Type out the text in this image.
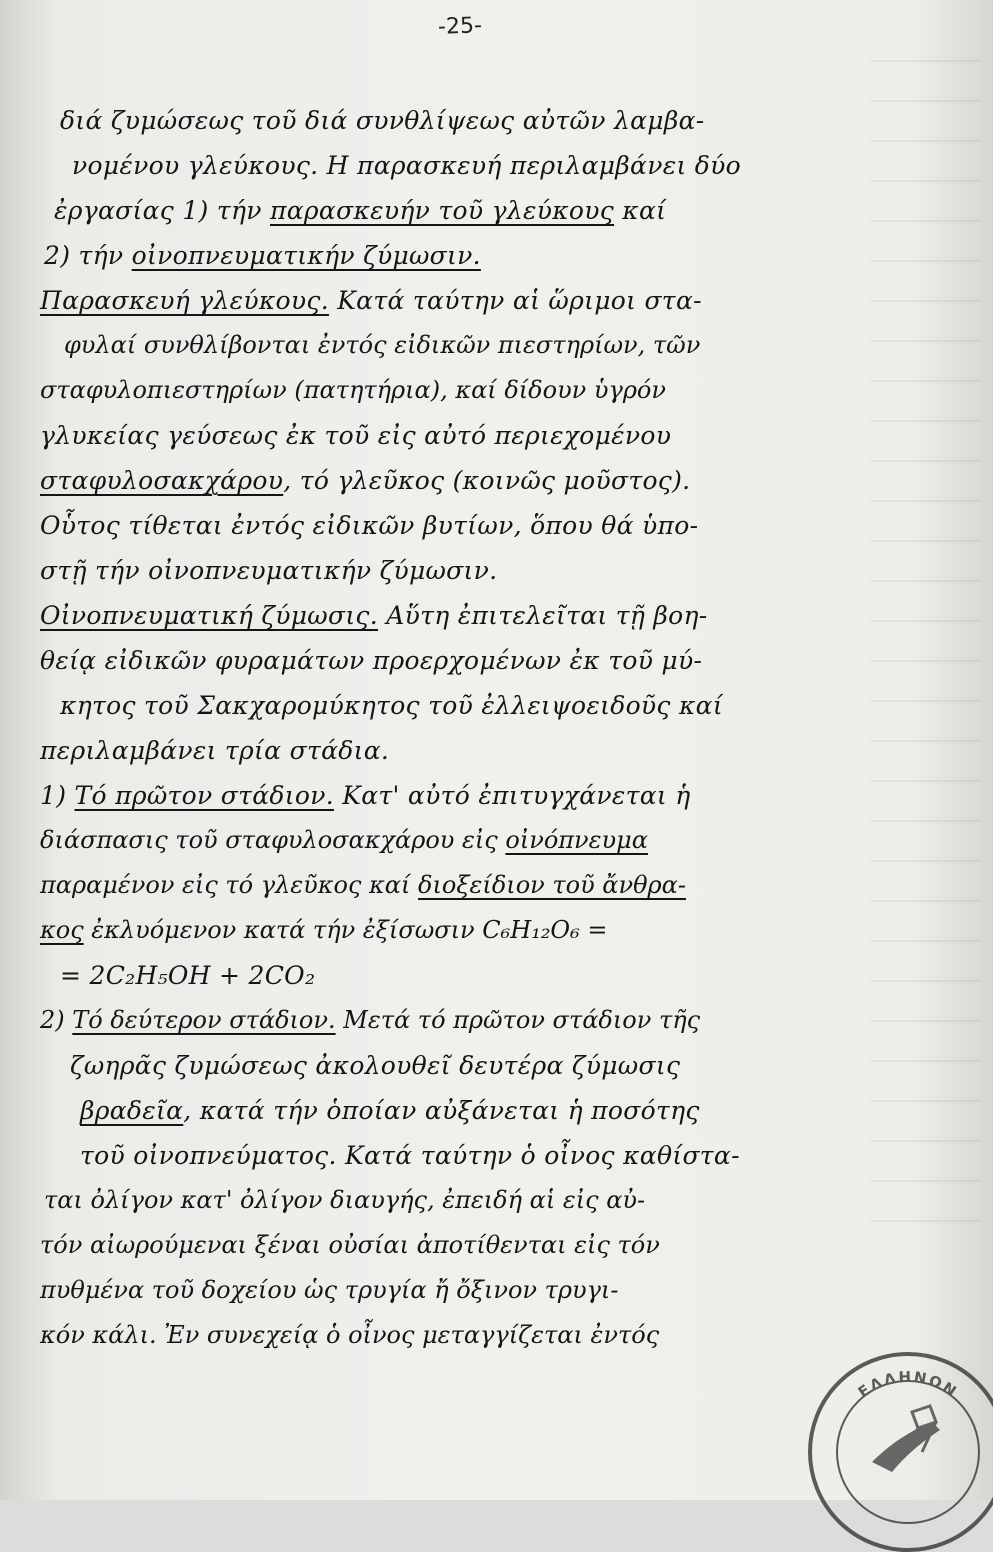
-25-
διά ζυμώσεως τοῦ διά συνθλίψεως αὐτῶν λαμβα-
νομένου γλεύκους. Η παρασκευή περιλαμβάνει δύο
ἐργασίας 1) τήν παρασκευήν τοῦ γλεύκους καί
2) τήν οἰνοπνευματικήν ζύμωσιν.
Παρασκευή γλεύκους. Κατά ταύτην αἱ ὥριμοι στα-
φυλαί συνθλίβονται ἐντός εἰδικῶν πιεστηρίων, τῶν
σταφυλοπιεστηρίων (πατητήρια), καί δίδουν ὑγρόν
γλυκείας γεύσεως ἐκ τοῦ εἰς αὐτό περιεχομένου
σταφυλοσακχάρου, τό γλεῦκος (κοινῶς μοῦστος).
Οὗτος τίθεται ἐντός εἰδικῶν βυτίων, ὅπου θά ὑπο-
στῇ τήν οἰνοπνευματικήν ζύμωσιν.
Οἰνοπνευματική ζύμωσις. Αὕτη ἐπιτελεῖται τῇ βοη-
θείᾳ εἰδικῶν φυραμάτων προερχομένων ἐκ τοῦ μύ-
κητος τοῦ Σακχαρομύκητος τοῦ ἐλλειψοειδοῦς καί
περιλαμβάνει τρία στάδια.
1) Τό πρῶτον στάδιον. Κατ' αὐτό ἐπιτυγχάνεται ἡ
διάσπασις τοῦ σταφυλοσακχάρου εἰς οἰνόπνευμα
παραμένον εἰς τό γλεῦκος καί διοξείδιον τοῦ ἄνθρα-
κος ἐκλυόμενον κατά τήν ἐξίσωσιν C₆H₁₂O₆ =
= 2C₂H₅OH + 2CO₂
2) Τό δεύτερον στάδιον. Μετά τό πρῶτον στάδιον τῆς
ζωηρᾶς ζυμώσεως ἀκολουθεῖ δευτέρα ζύμωσις
βραδεῖα, κατά τήν ὁποίαν αὐξάνεται ἡ ποσότης
τοῦ οἰνοπνεύματος. Κατά ταύτην ὁ οἶνος καθίστα-
ται ὀλίγον κατ' ὀλίγον διαυγής, ἐπειδή αἱ εἰς αὐ-
τόν αἰωρούμεναι ξέναι οὐσίαι ἀποτίθενται εἰς τόν
πυθμένα τοῦ δοχείου ὡς τρυγία ἤ ὄξινον τρυγι-
κόν κάλι. Ἐν συνεχείᾳ ὁ οἶνος μεταγγίζεται ἐντός
ΕΛΛΗΝΩΝ
